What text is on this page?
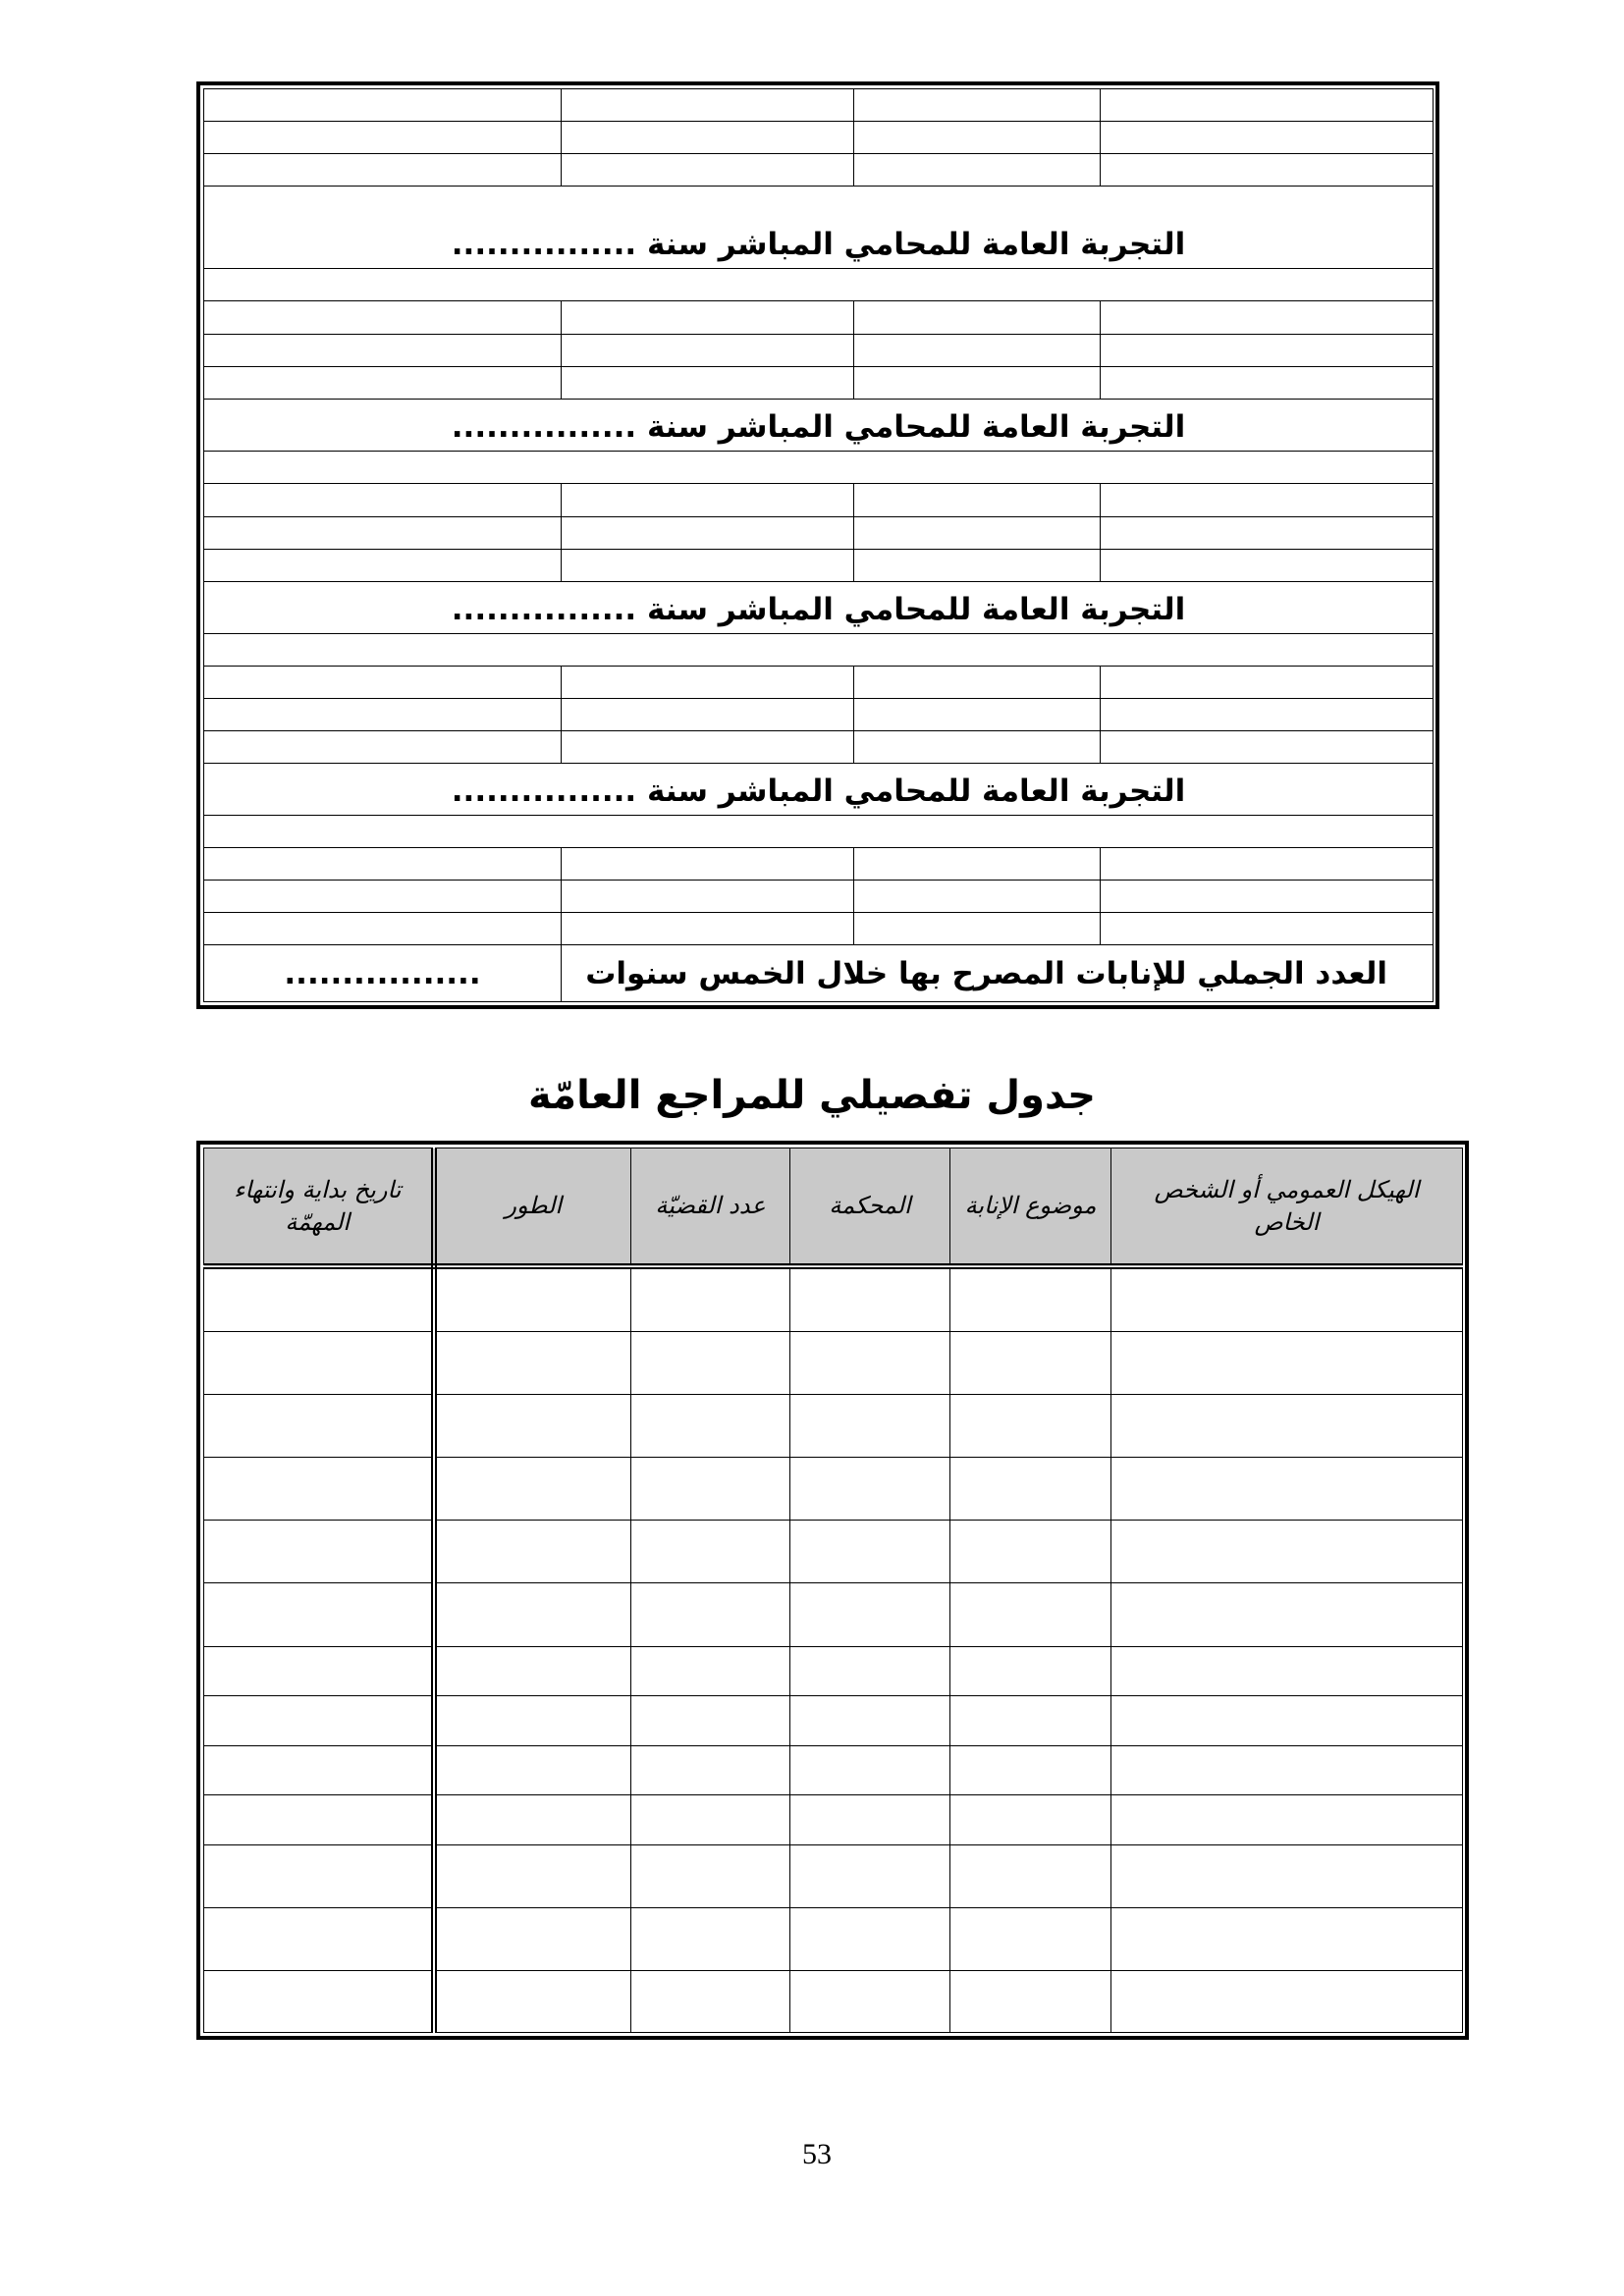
التجربة العامة للمحامي المباشر سنة ................			

التجربة العامة للمحامي المباشر سنة ................			

التجربة العامة للمحامي المباشر سنة ................			

التجربة العامة للمحامي المباشر سنة ................			

.................	العدد الجملي للإنابات المصرح بها خلال الخمس سنوات		
جدول تفصيلي للمراجع العامّة
تاريخ بداية وانتهاء المهمّة	الطور	عدد القضيّة	المحكمة	موضوع الإنابة	الهيكل العمومي أو الشخص الخاص

53
